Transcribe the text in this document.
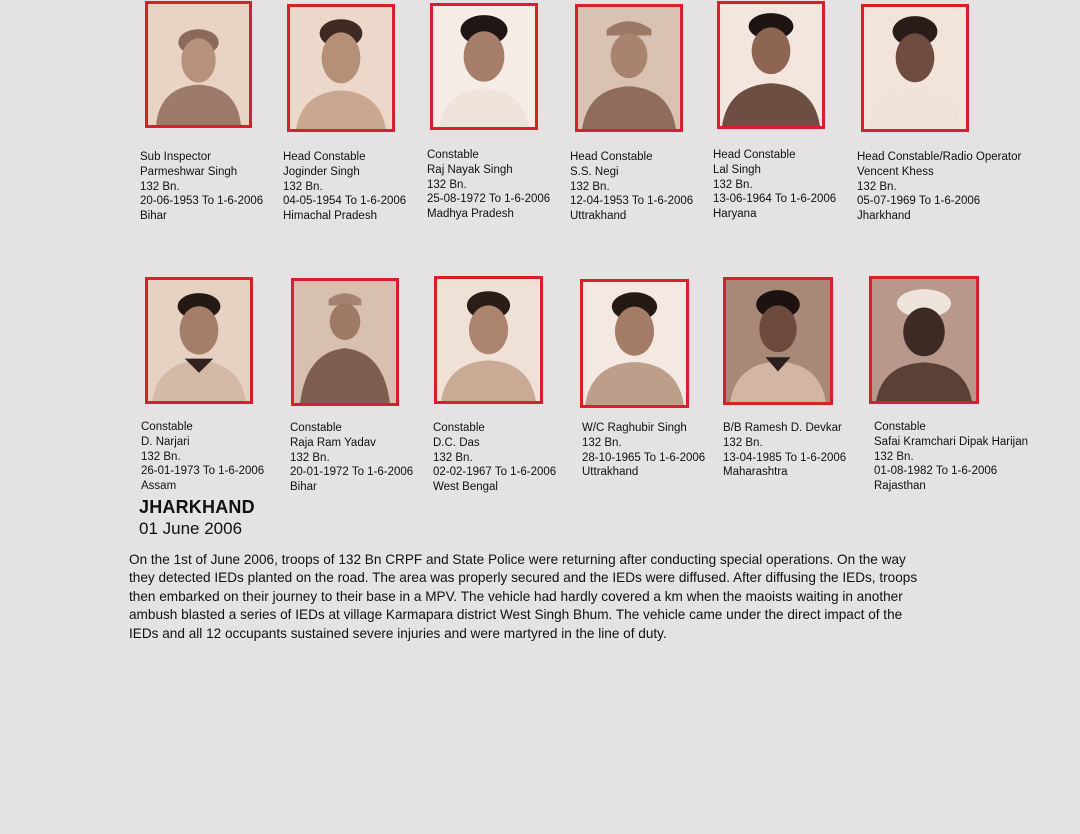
Sub Inspector
Parmeshwar Singh
132 Bn.
20-06-1953 To 1-6-2006
Bihar
Head Constable
Joginder Singh
132 Bn.
04-05-1954 To 1-6-2006
Himachal Pradesh
Constable
Raj Nayak Singh
132 Bn.
25-08-1972 To 1-6-2006
Madhya Pradesh
Head Constable
S.S. Negi
132 Bn.
12-04-1953 To 1-6-2006
Uttrakhand
Head Constable
Lal Singh
132 Bn.
13-06-1964 To 1-6-2006
Haryana
Head Constable/Radio Operator
Vencent Khess
132 Bn.
05-07-1969 To 1-6-2006
Jharkhand
Constable
D. Narjari
132 Bn.
26-01-1973 To 1-6-2006
Assam
Constable
Raja Ram Yadav
132 Bn.
20-01-1972 To 1-6-2006
Bihar
Constable
D.C. Das
132 Bn.
02-02-1967 To 1-6-2006
West Bengal
W/C Raghubir Singh
132 Bn.
28-10-1965 To 1-6-2006
Uttrakhand
B/B Ramesh D. Devkar
132 Bn.
13-04-1985 To 1-6-2006
Maharashtra
Constable
Safai Kramchari Dipak Harijan
132 Bn.
01-08-1982 To 1-6-2006
Rajasthan
JHARKHAND
01 June 2006
On the 1st of June 2006, troops of 132 Bn CRPF and State Police were returning after conducting special operations. On the way
they detected IEDs planted on the road. The area was properly secured and the IEDs were diffused. After diffusing the IEDs, troops
then embarked on their journey to their base in a MPV. The vehicle had hardly covered a km when the maoists waiting in another
ambush blasted a series of IEDs at village Karmapara district West Singh Bhum. The vehicle came under the direct impact of the
IEDs and all 12 occupants sustained severe injuries and were martyred in the line of duty.
